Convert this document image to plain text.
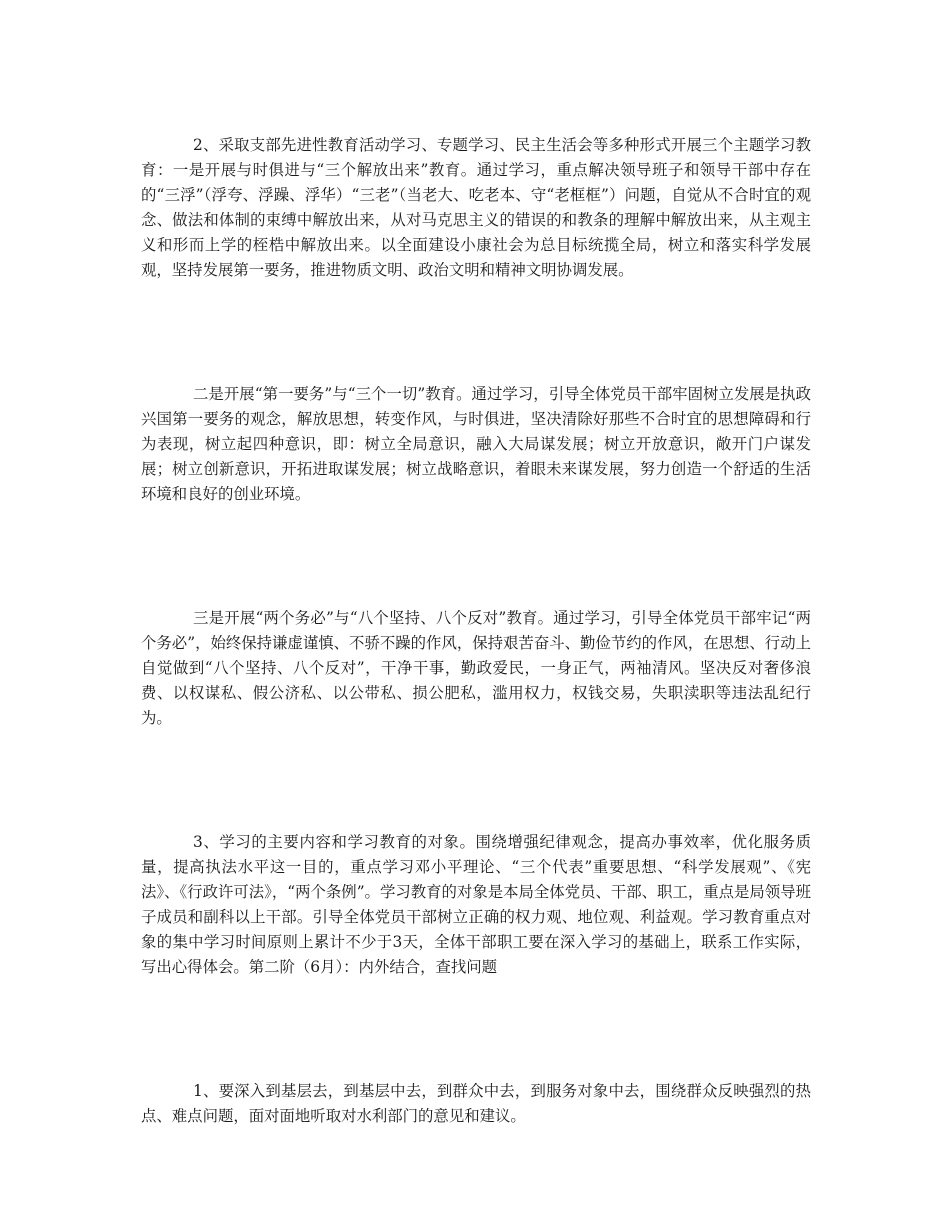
2、采取支部先进性教育活动学习、专题学习、民主生活会等多种形式开展三个主题学习教育：一是开展与时俱进与“三个解放出来”教育。通过学习，重点解决领导班子和领导干部中存在的“三浮”（浮夸、浮躁、浮华）“三老”（当老大、吃老本、守“老框框”）问题，自觉从不合时宜的观念、做法和体制的束缚中解放出来，从对马克思主义的错误的和教条的理解中解放出来，从主观主义和形而上学的桎梏中解放出来。以全面建设小康社会为总目标统揽全局，树立和落实科学发展观，坚持发展第一要务，推进物质文明、政治文明和精神文明协调发展。

二是开展“第一要务”与“三个一切”教育。通过学习，引导全体党员干部牢固树立发展是执政兴国第一要务的观念，解放思想，转变作风，与时俱进，坚决清除好那些不合时宜的思想障碍和行为表现，树立起四种意识，即：树立全局意识，融入大局谋发展；树立开放意识，敞开门户谋发展；树立创新意识，开拓进取谋发展；树立战略意识，着眼未来谋发展，努力创造一个舒适的生活环境和良好的创业环境。

三是开展“两个务必”与“八个坚持、八个反对”教育。通过学习，引导全体党员干部牢记“两个务必”，始终保持谦虚谨慎、不骄不躁的作风，保持艰苦奋斗、勤俭节约的作风，在思想、行动上自觉做到“八个坚持、八个反对”，干净干事，勤政爱民，一身正气，两袖清风。坚决反对奢侈浪费、以权谋私、假公济私、以公带私、损公肥私，滥用权力，权钱交易，失职渎职等违法乱纪行为。

3、学习的主要内容和学习教育的对象。围绕增强纪律观念，提高办事效率，优化服务质量，提高执法水平这一目的，重点学习邓小平理论、“三个代表”重要思想、“科学发展观”、《宪法》、《行政许可法》，“两个条例”。学习教育的对象是本局全体党员、干部、职工，重点是局领导班子成员和副科以上干部。引导全体党员干部树立正确的权力观、地位观、利益观。学习教育重点对象的集中学习时间原则上累计不少于3天，全体干部职工要在深入学习的基础上，联系工作实际，写出心得体会。第二阶（6月）：内外结合，查找问题

1、要深入到基层去，到基层中去，到群众中去，到服务对象中去，围绕群众反映强烈的热点、难点问题，面对面地听取对水利部门的意见和建议。
